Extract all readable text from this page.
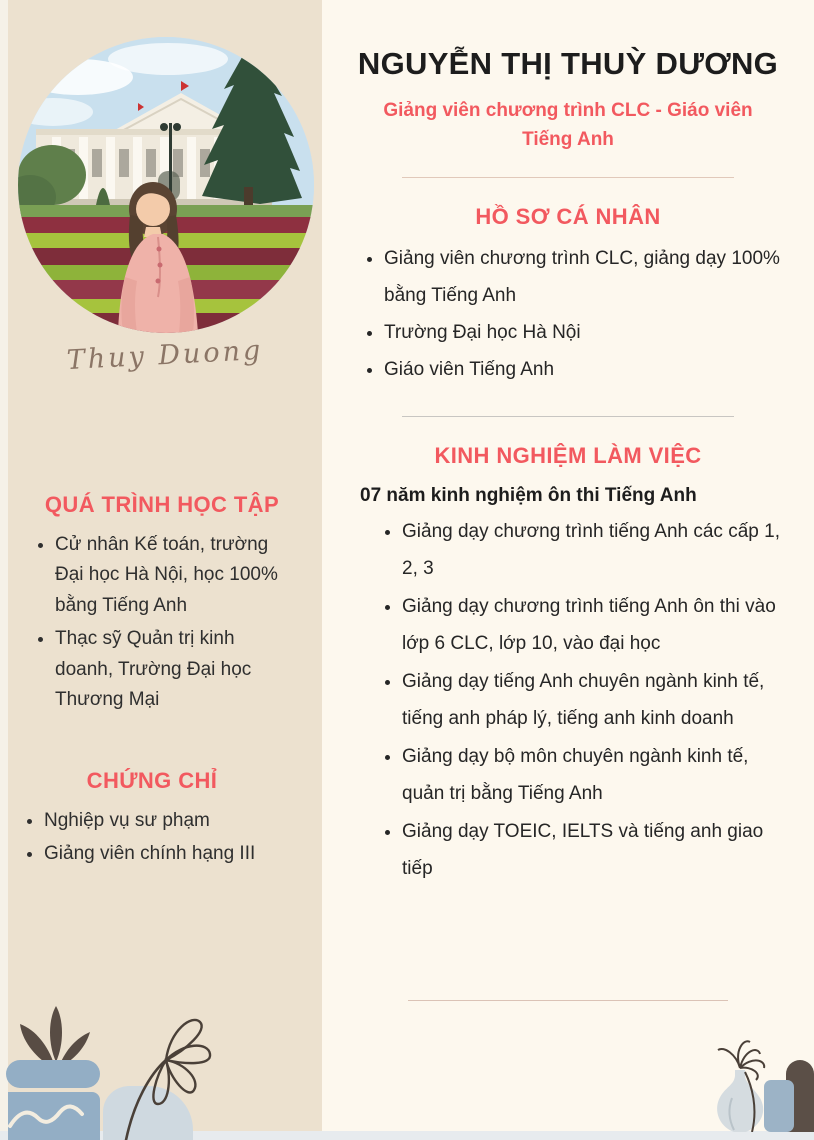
Thuy Duong
QUÁ TRÌNH HỌC TẬP
• Cử nhân Kế toán, trường Đại học Hà Nội, học 100% bằng Tiếng Anh
• Thạc sỹ Quản trị kinh doanh, Trường Đại học Thương Mại
CHỨNG CHỈ
• Nghiệp vụ sư phạm
• Giảng viên chính hạng III
NGUYỄN THỊ THUỲ DƯƠNG
Giảng viên chương trình CLC - Giáo viên Tiếng Anh
HỒ SƠ CÁ NHÂN
• Giảng viên chương trình CLC, giảng dạy 100% bằng Tiếng Anh
• Trường Đại học Hà Nội
• Giáo viên Tiếng Anh
KINH NGHIỆM LÀM VIỆC
07 năm kinh nghiệm ôn thi Tiếng Anh
• Giảng dạy chương trình tiếng Anh các cấp 1, 2, 3
• Giảng dạy chương trình tiếng Anh ôn thi vào lớp 6 CLC, lớp 10, vào đại học
• Giảng dạy tiếng Anh chuyên ngành kinh tế, tiếng anh pháp lý, tiếng anh kinh doanh
• Giảng dạy bộ môn chuyên ngành kinh tế, quản trị bằng Tiếng Anh
• Giảng dạy TOEIC, IELTS và tiếng anh giao tiếp
